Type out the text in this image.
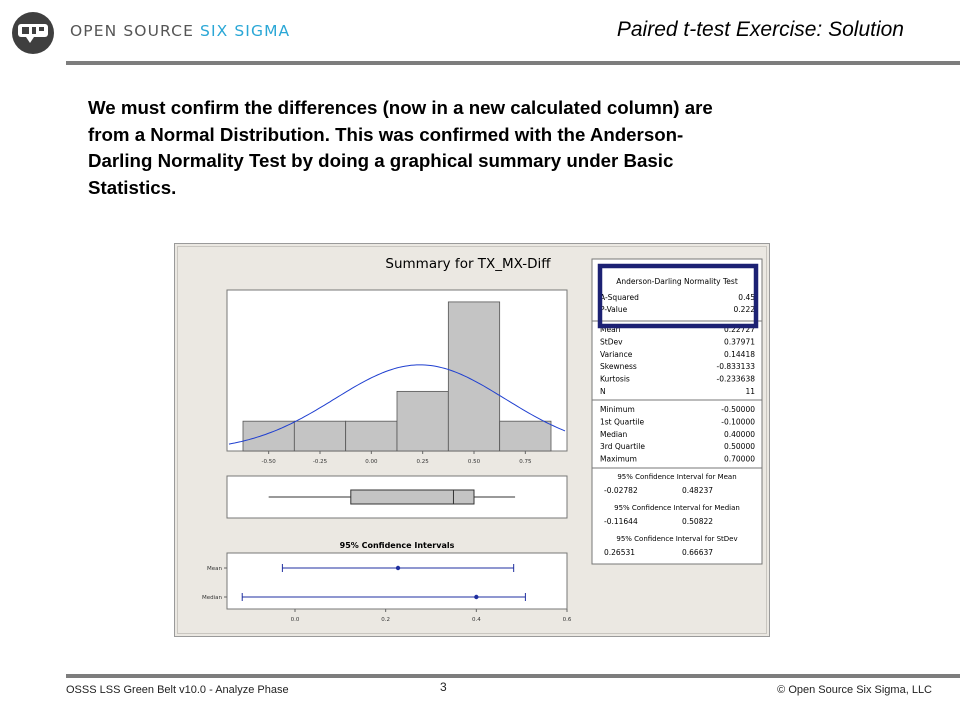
OPEN SOURCE SIX SIGMA	Paired t-test Exercise: Solution
We must confirm the differences (now in a new calculated column) are
from a Normal Distribution. This was confirmed with the Anderson-
Darling Normality Test by doing a graphical summary under Basic
Statistics.
Summary for TX_MX-Diff
-0.50	-0.25	0.00	0.25	0.50	0.75
95% Confidence Intervals
Mean
Median
0.0	0.2	0.4	0.6
Anderson-Darling Normality Test
A-Squared	0.45
P-Value	0.222
Mean	0.22727
StDev	0.37971
Variance	0.14418
Skewness	-0.833133
Kurtosis	-0.233638
N	11
Minimum	-0.50000
1st Quartile	-0.10000
Median	0.40000
3rd Quartile	0.50000
Maximum	0.70000
95% Confidence Interval for Mean
-0.02782	0.48237
95% Confidence Interval for Median
-0.11644	0.50822
95% Confidence Interval for StDev
0.26531	0.66637
OSSS LSS Green Belt v10.0 - Analyze Phase	3	© Open Source Six Sigma, LLC
